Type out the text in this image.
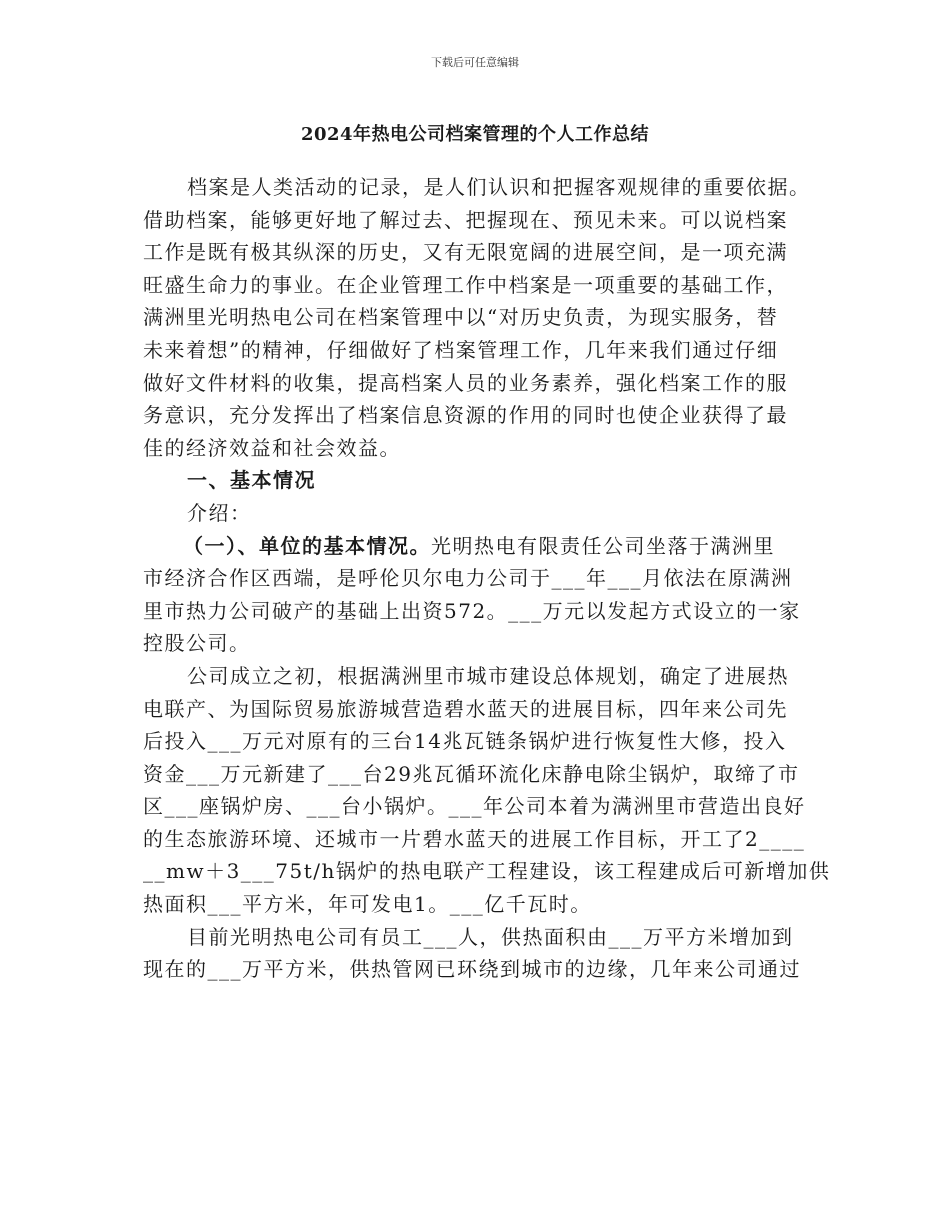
下载后可任意编辑
2024年热电公司档案管理的个人工作总结
档案是人类活动的记录，是人们认识和把握客观规律的重要依据。
借助档案，能够更好地了解过去、把握现在、预见未来。可以说档案
工作是既有极其纵深的历史，又有无限宽阔的进展空间，是一项充满
旺盛生命力的事业。在企业管理工作中档案是一项重要的基础工作，
满洲里光明热电公司在档案管理中以“对历史负责，为现实服务，替
未来着想”的精神，仔细做好了档案管理工作，几年来我们通过仔细
做好文件材料的收集，提高档案人员的业务素养，强化档案工作的服
务意识，充分发挥出了档案信息资源的作用的同时也使企业获得了最
佳的经济效益和社会效益。
一、基本情况
介绍：
（一）、单位的基本情况。光明热电有限责任公司坐落于满洲里
市经济合作区西端，是呼伦贝尔电力公司于___年___月依法在原满洲
里市热力公司破产的基础上出资572。___万元以发起方式设立的一家
控股公司。
公司成立之初，根据满洲里市城市建设总体规划，确定了进展热
电联产、为国际贸易旅游城营造碧水蓝天的进展目标，四年来公司先
后投入___万元对原有的三台14兆瓦链条锅炉进行恢复性大修，投入
资金___万元新建了___台29兆瓦循环流化床静电除尘锅炉，取缔了市
区___座锅炉房、___台小锅炉。___年公司本着为满洲里市营造出良好
的生态旅游环境、还城市一片碧水蓝天的进展工作目标，开工了2____
__mw＋3___75t/h锅炉的热电联产工程建设，该工程建成后可新增加供
热面积___平方米，年可发电1。___亿千瓦时。
目前光明热电公司有员工___人，供热面积由___万平方米增加到
现在的___万平方米，供热管网已环绕到城市的边缘，几年来公司通过
